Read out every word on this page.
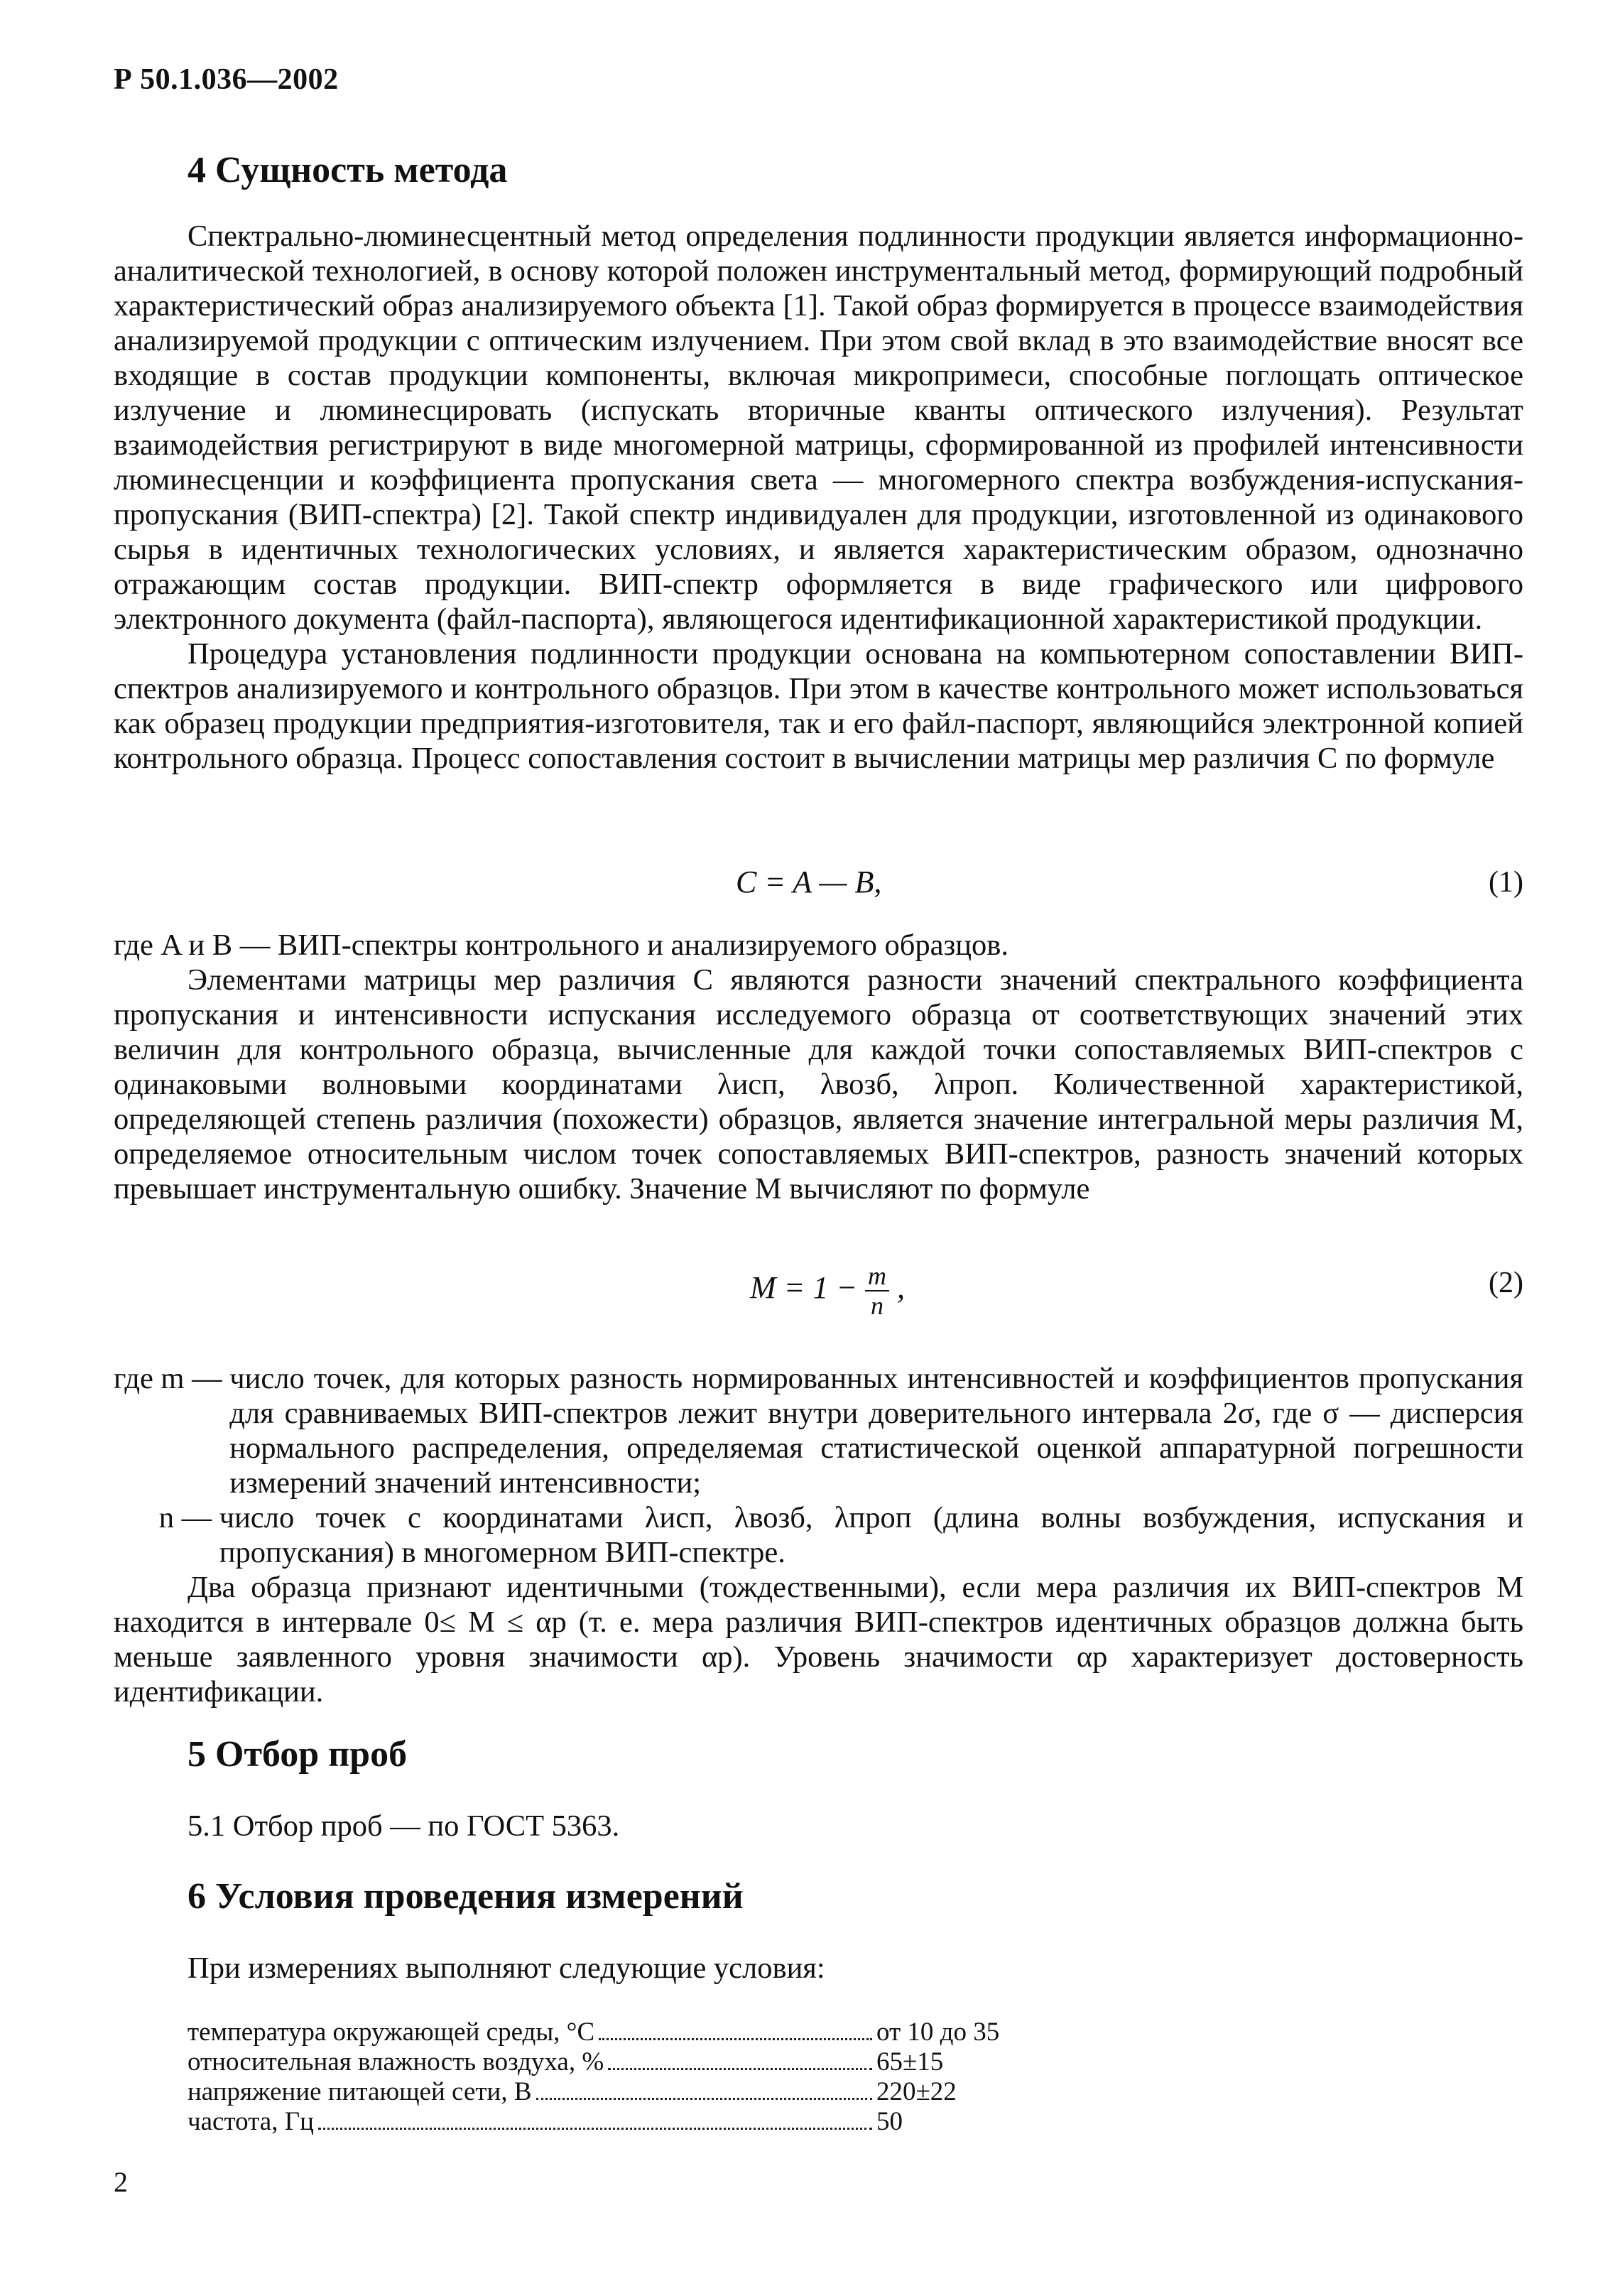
Р 50.1.036—2002
4 Сущность метода

Спектрально-люминесцентный метод определения подлинности продукции является информационно-аналитической технологией, в основу которой положен инструментальный метод, формирующий подробный характеристический образ анализируемого объекта [1]. Такой образ формируется в процессе взаимодействия анализируемой продукции с оптическим излучением. При этом свой вклад в это взаимодействие вносят все входящие в состав продукции компоненты, включая микропримеси, способные поглощать оптическое излучение и люминесцировать (испускать вторичные кванты оптического излучения). Результат взаимодействия регистрируют в виде многомерной матрицы, сформированной из профилей интенсивности люминесценции и коэффициента пропускания света — многомерного спектра возбуждения-испускания-пропускания (ВИП-спектра) [2]. Такой спектр индивидуален для продукции, изготовленной из одинакового сырья в идентичных технологических условиях, и является характеристическим образом, однозначно отражающим состав продукции. ВИП-спектр оформляется в виде графического или цифрового электронного документа (файл-паспорта), являющегося идентификационной характеристикой продукции.

Процедура установления подлинности продукции основана на компьютерном сопоставлении ВИП-спектров анализируемого и контрольного образцов. При этом в качестве контрольного может использоваться как образец продукции предприятия-изготовителя, так и его файл-паспорт, являющийся электронной копией контрольного образца. Процесс сопоставления состоит в вычислении матрицы мер различия C по формуле

C = A — B,	(1)
где A и B — ВИП-спектры контрольного и анализируемого образцов.

Элементами матрицы мер различия C являются разности значений спектрального коэффициента пропускания и интенсивности испускания исследуемого образца от соответствующих значений этих величин для контрольного образца, вычисленные для каждой точки сопоставляемых ВИП-спектров с одинаковыми волновыми координатами λисп, λвозб, λпроп. Количественной характеристикой, определяющей степень различия (похожести) образцов, является значение интегральной меры различия M, определяемое относительным числом точек сопоставляемых ВИП-спектров, разность значений которых превышает инструментальную ошибку. Значение M вычисляют по формуле

$M = 1 - \frac{m}{n}$ ,	(2)
где m — число точек, для которых разность нормированных интенсивностей и коэффициентов пропускания для сравниваемых ВИП-спектров лежит внутри доверительного интервала 2σ, где σ — дисперсия нормального распределения, определяемая статистической оценкой аппаратурной погрешности измерений значений интенсивности;
n — число точек с координатами λисп, λвозб, λпроп (длина волны возбуждения, испускания и пропускания) в многомерном ВИП-спектре.

Два образца признают идентичными (тождественными), если мера различия их ВИП-спектров M находится в интервале 0≤ M ≤ αр (т. е. мера различия ВИП-спектров идентичных образцов должна быть меньше заявленного уровня значимости αр). Уровень значимости αр характеризует достоверность идентификации.

5 Отбор проб

5.1 Отбор проб — по ГОСТ 5363.

6 Условия проведения измерений

При измерениях выполняют следующие условия:

температура окружающей среды, °С	от 10 до 35
относительная влажность воздуха, %	65±15
напряжение питающей сети, В	220±22
частота, Гц	50
2
